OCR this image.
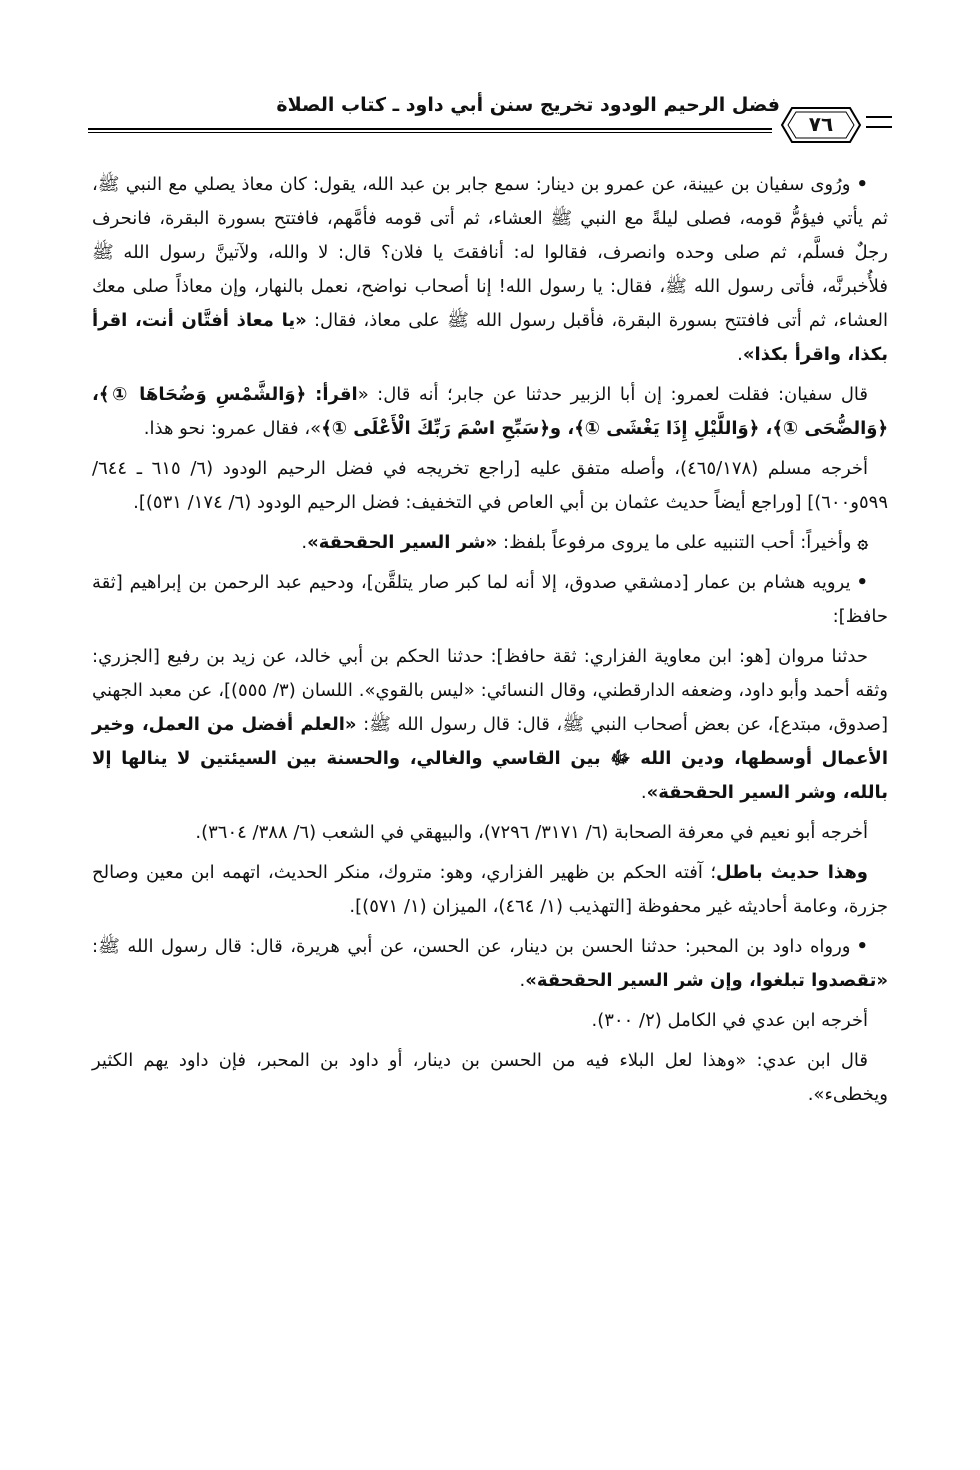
٧٦
فضل الرحيم الودود تخريج سنن أبي داود ـ كتاب الصلاة

•ورُوى سفيان بن عيينة، عن عمرو بن دينار: سمع جابر بن عبد الله، يقول: كان معاذ يصلي مع النبي ﷺ، ثم يأتي فيؤمُّ قومه، فصلى ليلةً مع النبي ﷺ العشاء، ثم أتى قومه فأمَّهم، فافتتح بسورة البقرة، فانحرف رجلٌ فسلَّم، ثم صلى وحده وانصرف، فقالوا له: أنافقتَ يا فلان؟ قال: لا والله، ولآتينَّ رسول الله ﷺ فلأُخبرنَّه، فأتى رسول الله ﷺ، فقال: يا رسول الله! إنا أصحاب نواضح، نعمل بالنهار، وإن معاذاً صلى معك العشاء، ثم أتى فافتتح بسورة البقرة، فأقبل رسول الله ﷺ على معاذ، فقال: «يا معاذ أفتَّان أنت، اقرأ بكذا، واقرأ بكذا».

قال سفيان: فقلت لعمرو: إن أبا الزبير حدثنا عن جابر؛ أنه قال: «اقرأ: ﴿وَالشَّمْسِ وَضُحَاهَا ①﴾، ﴿وَالضُّحَى ①﴾، ﴿وَاللَّيْلِ إِذَا يَغْشَى ①﴾، و﴿سَبِّحِ اسْمَ رَبِّكَ الْأَعْلَى ①﴾»، فقال عمرو: نحو هذا.

أخرجه مسلم (٤٦٥/١٧٨)، وأصله متفق عليه [راجع تخريجه في فضل الرحيم الودود (٦/ ٦١٥ ـ ٦٤٤/ ٥٩٩و٦٠٠)] [وراجع أيضاً حديث عثمان بن أبي العاص في التخفيف: فضل الرحيم الودود (٦/ ١٧٤/ ٥٣١)].

۞وأخيراً: أحب التنبيه على ما يروى مرفوعاً بلفظ: «شر السير الحقحقة».

•يرويه هشام بن عمار [دمشقي صدوق، إلا أنه لما كبر صار يتلقَّن]، ودحيم عبد الرحمن بن إبراهيم [ثقة حافظ]:

حدثنا مروان [هو: ابن معاوية الفزاري: ثقة حافظ]: حدثنا الحكم بن أبي خالد، عن زيد بن رفيع [الجزري: وثقه أحمد وأبو داود، وضعفه الدارقطني، وقال النسائي: «ليس بالقوي». اللسان (٣/ ٥٥٥)]، عن معبد الجهني [صدوق، مبتدع]، عن بعض أصحاب النبي ﷺ، قال: قال رسول الله ﷺ: «العلم أفضل من العمل، وخير الأعمال أوسطها، ودين الله ﷻ بين القاسي والغالي، والحسنة بين السيئتين لا ينالها إلا بالله، وشر السير الحقحقة».

أخرجه أبو نعيم في معرفة الصحابة (٦/ ٣١٧١/ ٧٢٩٦)، والبيهقي في الشعب (٦/ ٣٨٨/ ٣٦٠٤).

وهذا حديث باطل؛ آفته الحكم بن ظهير الفزاري، وهو: متروك، منكر الحديث، اتهمه ابن معين وصالح جزرة، وعامة أحاديثه غير محفوظة [التهذيب (١/ ٤٦٤)، الميزان (١/ ٥٧١)].

•ورواه داود بن المحبر: حدثنا الحسن بن دينار، عن الحسن، عن أبي هريرة، قال: قال رسول الله ﷺ: «تقصدوا تبلغوا، وإن شر السير الحقحقة».

أخرجه ابن عدي في الكامل (٢/ ٣٠٠).

قال ابن عدي: «وهذا لعل البلاء فيه من الحسن بن دينار، أو داود بن المحبر، فإن داود يهم الكثير ويخطىء».
